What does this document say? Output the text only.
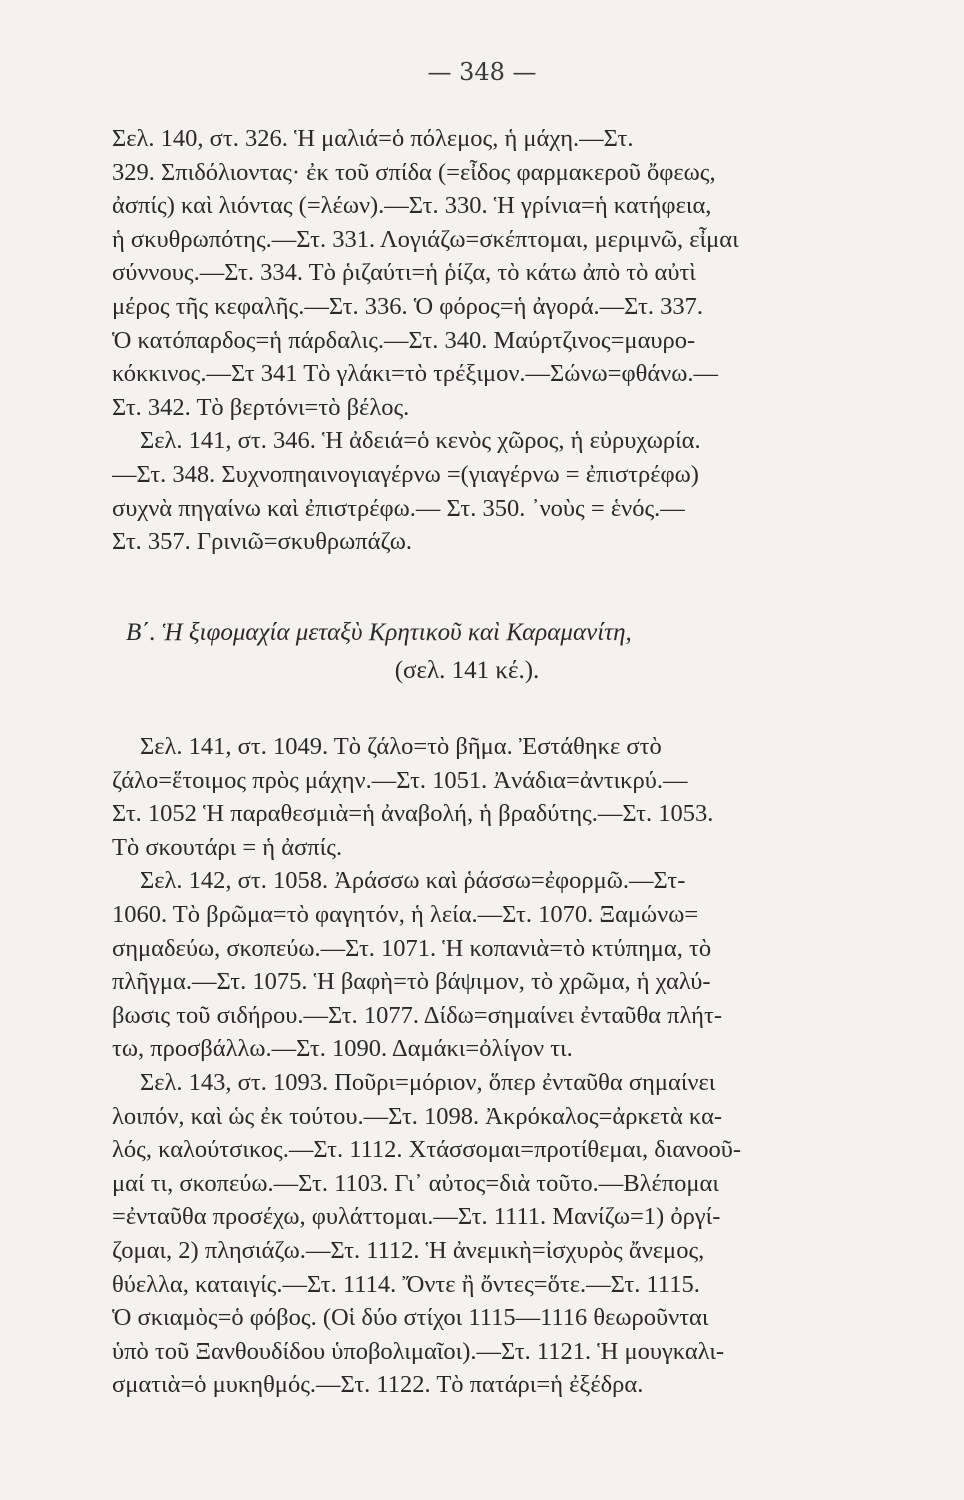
— 348 —
Σελ. 140, στ. 326. Ἡ μαλιά=ὁ πόλεμος, ἡ μάχη.—Στ.
329. Σπιδόλιοντας· ἐκ τοῦ σπίδα (=εἶδος φαρμακεροῦ ὄφεως,
ἀσπίς) καὶ λιόντας (=λέων).—Στ. 330. Ἡ γρίνια=ἡ κατήφεια,
ἡ σκυθρωπότης.—Στ. 331. Λογιάζω=σκέπτομαι, μεριμνῶ, εἶμαι
σύννους.—Στ. 334. Τὸ ῥιζαύτι=ἡ ῥίζα, τὸ κάτω ἀπὸ τὸ αὐτὶ
μέρος τῆς κεφαλῆς.—Στ. 336. Ὁ φόρος=ἡ ἀγορά.—Στ. 337.
Ὁ κατόπαρδος=ἡ πάρδαλις.—Στ. 340. Μαύρτζινος=μαυρο-
κόκκινος.—Στ 341 Τὸ γλάκι=τὸ τρέξιμον.—Σώνω=φθάνω.—
Στ. 342. Τὸ βερτόνι=τὸ βέλος.
Σελ. 141, στ. 346. Ἡ ἀδειά=ὁ κενὸς χῶρος, ἡ εὐρυχωρία.
—Στ. 348. Συχνοπηαινογιαγέρνω =(γιαγέρνω = ἐπιστρέφω)
συχνὰ πηγαίνω καὶ ἐπιστρέφω.— Στ. 350. ᾿νοὺς = ἑνός.—
Στ. 357. Γρινιῶ=σκυθρωπάζω.
Β΄. Ἡ ξιφομαχία μεταξὺ Κρητικοῦ καὶ Καραμανίτη,
(σελ. 141 κέ.).
Σελ. 141, στ. 1049. Τὸ ζάλο=τὸ βῆμα. Ἐστάθηκε στὸ
ζάλο=ἕτοιμος πρὸς μάχην.—Στ. 1051. Ἀνάδια=ἀντικρύ.—
Στ. 1052 Ἡ παραθεσμιὰ=ἡ ἀναβολή, ἡ βραδύτης.—Στ. 1053.
Τὸ σκουτάρι = ἡ ἀσπίς.
Σελ. 142, στ. 1058. Ἀράσσω καὶ ῥάσσω=ἐφορμῶ.—Στ-
1060. Τὸ βρῶμα=τὸ φαγητόν, ἡ λεία.—Στ. 1070. Ξαμώνω=
σημαδεύω, σκοπεύω.—Στ. 1071. Ἡ κοπανιὰ=τὸ κτύπημα, τὸ
πλῆγμα.—Στ. 1075. Ἡ βαφὴ=τὸ βάψιμον, τὸ χρῶμα, ἡ χαλύ-
βωσις τοῦ σιδήρου.—Στ. 1077. Δίδω=σημαίνει ἐνταῦθα πλήτ-
τω, προσβάλλω.—Στ. 1090. Δαμάκι=ὀλίγον τι.
Σελ. 143, στ. 1093. Ποῦρι=μόριον, ὅπερ ἐνταῦθα σημαίνει
λοιπόν, καὶ ὡς ἐκ τούτου.—Στ. 1098. Ἀκρόκαλος=ἀρκετὰ κα-
λός, καλούτσικος.—Στ. 1112. Χτάσσομαι=προτίθεμαι, διανοοῦ-
μαί τι, σκοπεύω.—Στ. 1103. Γι᾿ αὐτος=διὰ τοῦτο.—Βλέπομαι
=ἐνταῦθα προσέχω, φυλάττομαι.—Στ. 1111. Μανίζω=1) ὀργί-
ζομαι, 2) πλησιάζω.—Στ. 1112. Ἡ ἀνεμικὴ=ἰσχυρὸς ἄνεμος,
θύελλα, καταιγίς.—Στ. 1114. Ὄντε ἢ ὄντες=ὅτε.—Στ. 1115.
Ὁ σκιαμὸς=ὁ φόβος. (Οἱ δύο στίχοι 1115—1116 θεωροῦνται
ὑπὸ τοῦ Ξανθουδίδου ὑποβολιμαῖοι).—Στ. 1121. Ἡ μουγκαλι-
σματιὰ=ὁ μυκηθμός.—Στ. 1122. Τὸ πατάρι=ἡ ἐξέδρα.
